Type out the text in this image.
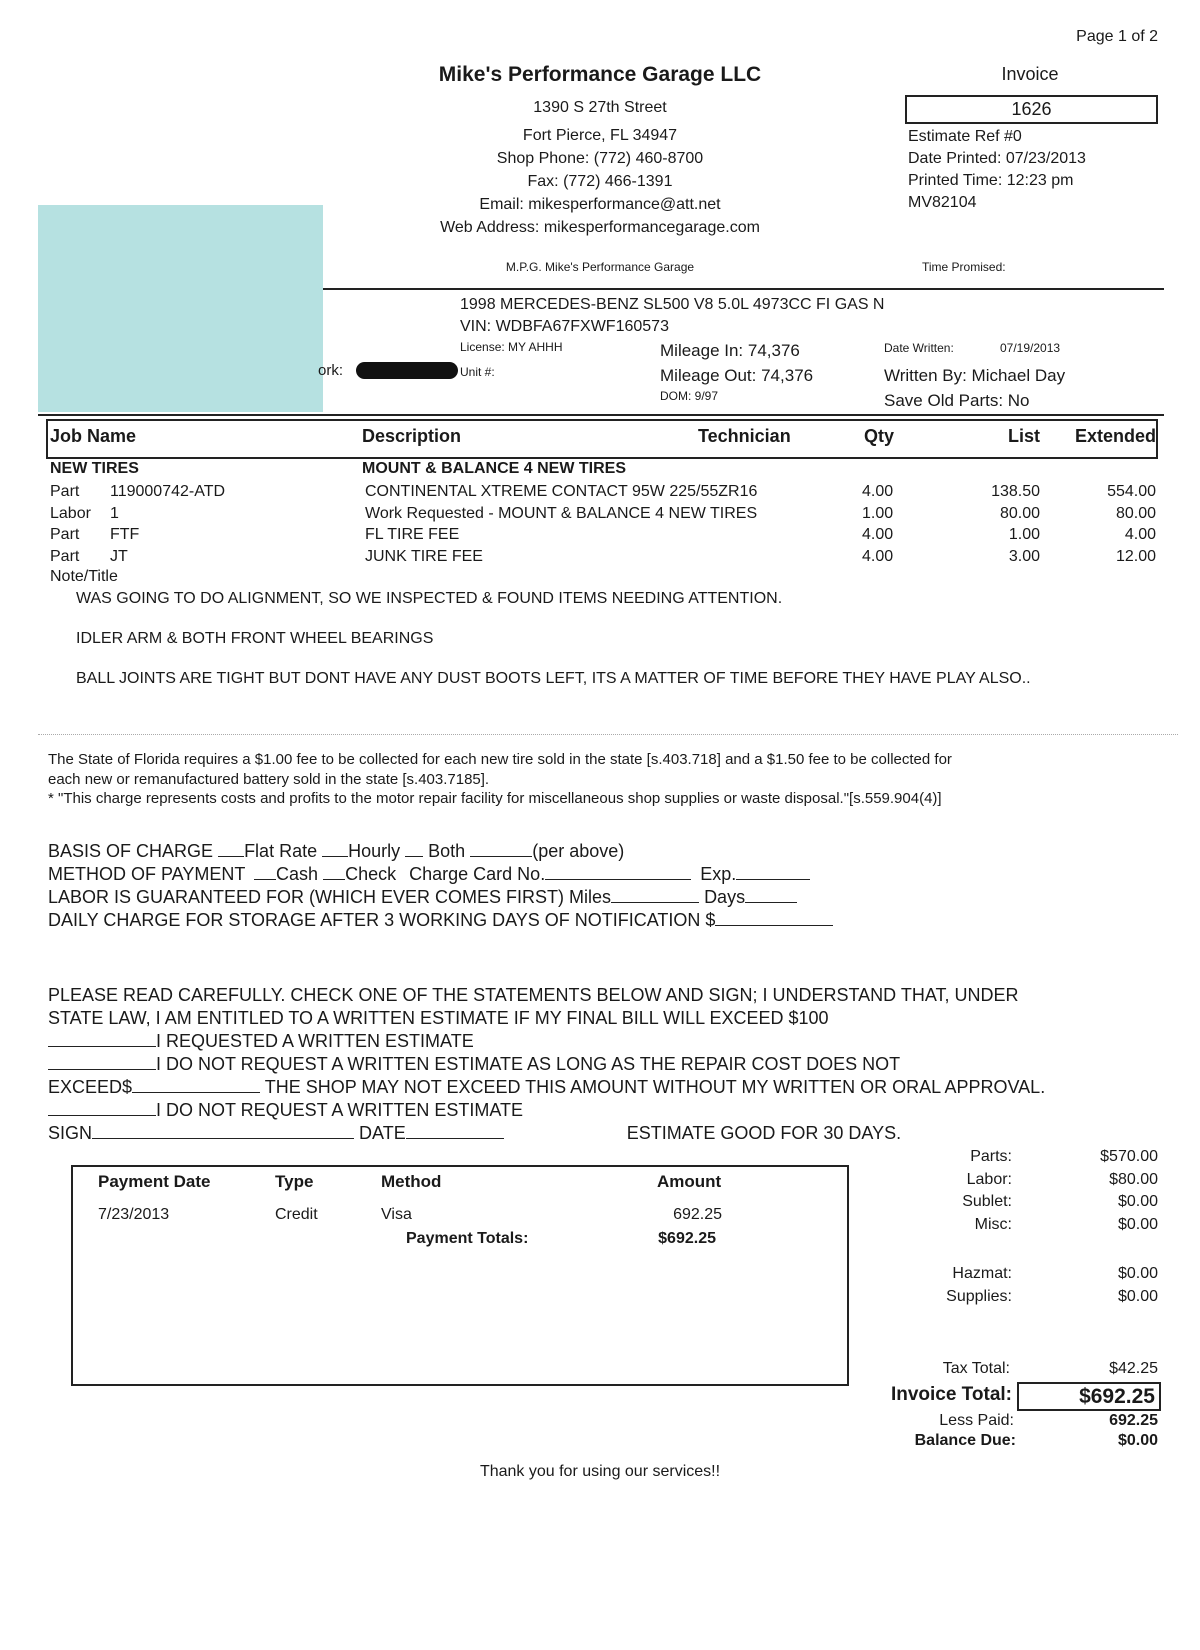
Page 1 of 2
Mike's Performance Garage LLC
1390 S 27th Street
Fort Pierce, FL 34947
Shop Phone: (772) 460-8700
Fax: (772) 466-1391
Email: mikesperformance@att.net
Web Address: mikesperformancegarage.com
M.P.G. Mike's Performance Garage
Invoice
1626
Estimate Ref #0
Date Printed: 07/23/2013
Printed Time: 12:23 pm
MV82104
Time Promised:
1998 MERCEDES-BENZ SL500 V8 5.0L 4973CC FI GAS N
VIN: WDBFA67FXWF160573
License: MY AHHH
ork:	Unit #:
Mileage In: 74,376
Mileage Out: 74,376
DOM: 9/97
Date Written:	07/19/2013
Written By: Michael Day
Save Old Parts: No
Job Name	Description	Technician	Qty	List	Extended
NEW TIRES	MOUNT & BALANCE 4 NEW TIRES
Part 119000742-ATD	CONTINENTAL XTREME CONTACT 95W 225/55ZR16	4.00	138.50	554.00
Labor 1	Work Requested - MOUNT & BALANCE 4 NEW TIRES	1.00	80.00	80.00
Part FTF	FL TIRE FEE	4.00	1.00	4.00
Part JT	JUNK TIRE FEE	4.00	3.00	12.00
Note/Title
WAS GOING TO DO ALIGNMENT, SO WE INSPECTED & FOUND ITEMS NEEDING ATTENTION.
IDLER ARM & BOTH FRONT WHEEL BEARINGS
BALL JOINTS ARE TIGHT BUT DONT HAVE ANY DUST BOOTS LEFT, ITS A MATTER OF TIME BEFORE THEY HAVE PLAY ALSO..
The State of Florida requires a $1.00 fee to be collected for each new tire sold in the state [s.403.718] and a $1.50 fee to be collected for
each new or remanufactured battery sold in the state [s.403.7185].
* "This charge represents costs and profits to the motor repair facility for miscellaneous shop supplies or waste disposal."[s.559.904(4)]
BASIS OF CHARGE Flat Rate Hourly Both	(per above)
METHOD OF PAYMENT Cash Check Charge Card No.	Exp.
LABOR IS GUARANTEED FOR (WHICH EVER COMES FIRST) Miles	Days
DAILY CHARGE FOR STORAGE AFTER 3 WORKING DAYS OF NOTIFICATION $
PLEASE READ CAREFULLY. CHECK ONE OF THE STATEMENTS BELOW AND SIGN; I UNDERSTAND THAT, UNDER
STATE LAW, I AM ENTITLED TO A WRITTEN ESTIMATE IF MY FINAL BILL WILL EXCEED $100
I REQUESTED A WRITTEN ESTIMATE
I DO NOT REQUEST A WRITTEN ESTIMATE AS LONG AS THE REPAIR COST DOES NOT
EXCEED$	THE SHOP MAY NOT EXCEED THIS AMOUNT WITHOUT MY WRITTEN OR ORAL APPROVAL.
I DO NOT REQUEST A WRITTEN ESTIMATE
SIGN	DATE	ESTIMATE GOOD FOR 30 DAYS.
Payment Date	Type	Method	Amount
7/23/2013	Credit	Visa	692.25
Payment Totals:	$692.25
Parts:	$570.00
Labor:	$80.00
Sublet:	$0.00
Misc:	$0.00
Hazmat:	$0.00
Supplies:	$0.00
Tax Total:	$42.25
Invoice Total:	$692.25
Less Paid:	692.25
Balance Due:	$0.00
Thank you for using our services!!
